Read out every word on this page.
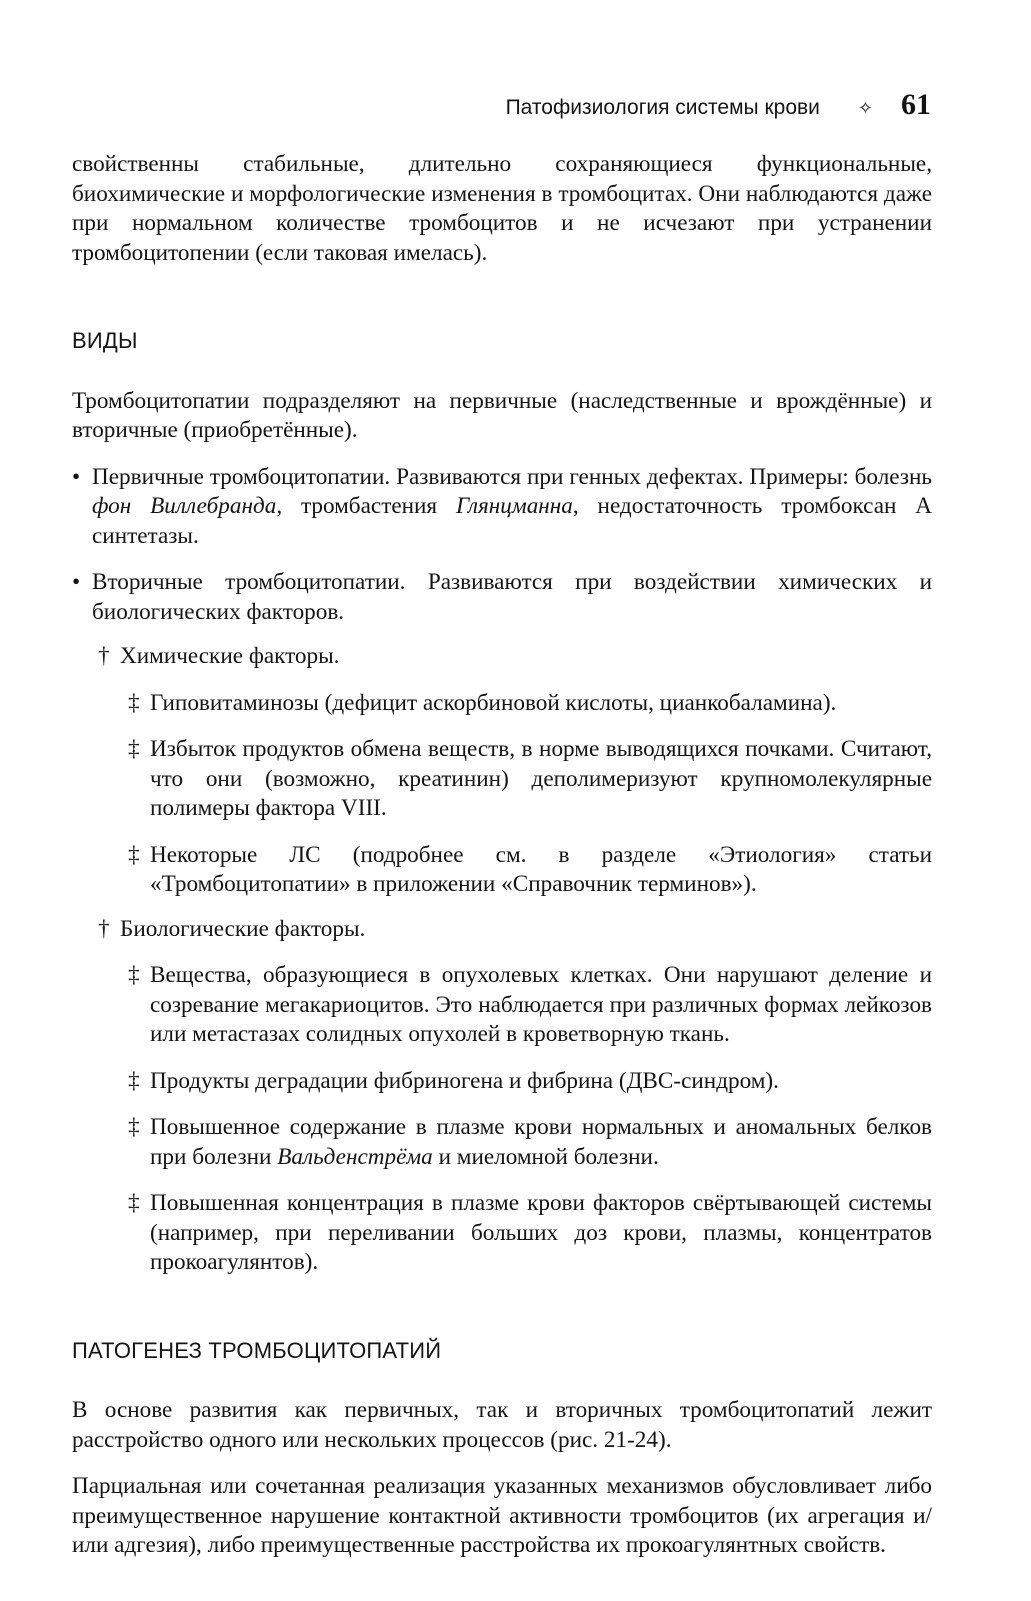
Патофизиология системы крови ✧ 61

свойственны стабильные, длительно сохраняющиеся функциональные, биохимические и морфологические изменения в тромбоцитах. Они наблюдаются даже при нормальном количестве тромбоцитов и не исчезают при устранении тромбоцитопении (если таковая имелась).

ВИДЫ

Тромбоцитопатии подразделяют на первичные (наследственные и врождённые) и вторичные (приобретённые).

• Первичные тромбоцитопатии. Развиваются при генных дефектах. Примеры: болезнь фон Виллебранда, тромбастения Глянцманна, недостаточность тромбоксан А синтетазы.
• Вторичные тромбоцитопатии. Развиваются при воздействии химических и биологических факторов.
† Химические факторы.
‡ Гиповитаминозы (дефицит аскорбиновой кислоты, цианкобаламина).
‡ Избыток продуктов обмена веществ, в норме выводящихся почками. Считают, что они (возможно, креатинин) деполимеризуют крупномолекулярные полимеры фактора VIII.
‡ Некоторые ЛС (подробнее см. в разделе «Этиология» статьи «Тромбоцитопатии» в приложении «Справочник терминов»).
† Биологические факторы.
‡ Вещества, образующиеся в опухолевых клетках. Они нарушают деление и созревание мегакариоцитов. Это наблюдается при различных формах лейкозов или метастазах солидных опухолей в кроветворную ткань.
‡ Продукты деградации фибриногена и фибрина (ДВС-синдром).
‡ Повышенное содержание в плазме крови нормальных и аномальных белков при болезни Вальденстрёма и миеломной болезни.
‡ Повышенная концентрация в плазме крови факторов свёртывающей системы (например, при переливании больших доз крови, плазмы, концентратов прокоагулянтов).
ПАТОГЕНЕЗ ТРОМБОЦИТОПАТИЙ

В основе развития как первичных, так и вторичных тромбоцитопатий лежит расстройство одного или нескольких процессов (рис. 21-24).

Парциальная или сочетанная реализация указанных механизмов обусловливает либо преимущественное нарушение контактной активности тромбоцитов (их агрегация и/или адгезия), либо преимущественные расстройства их прокоагулянтных свойств.
